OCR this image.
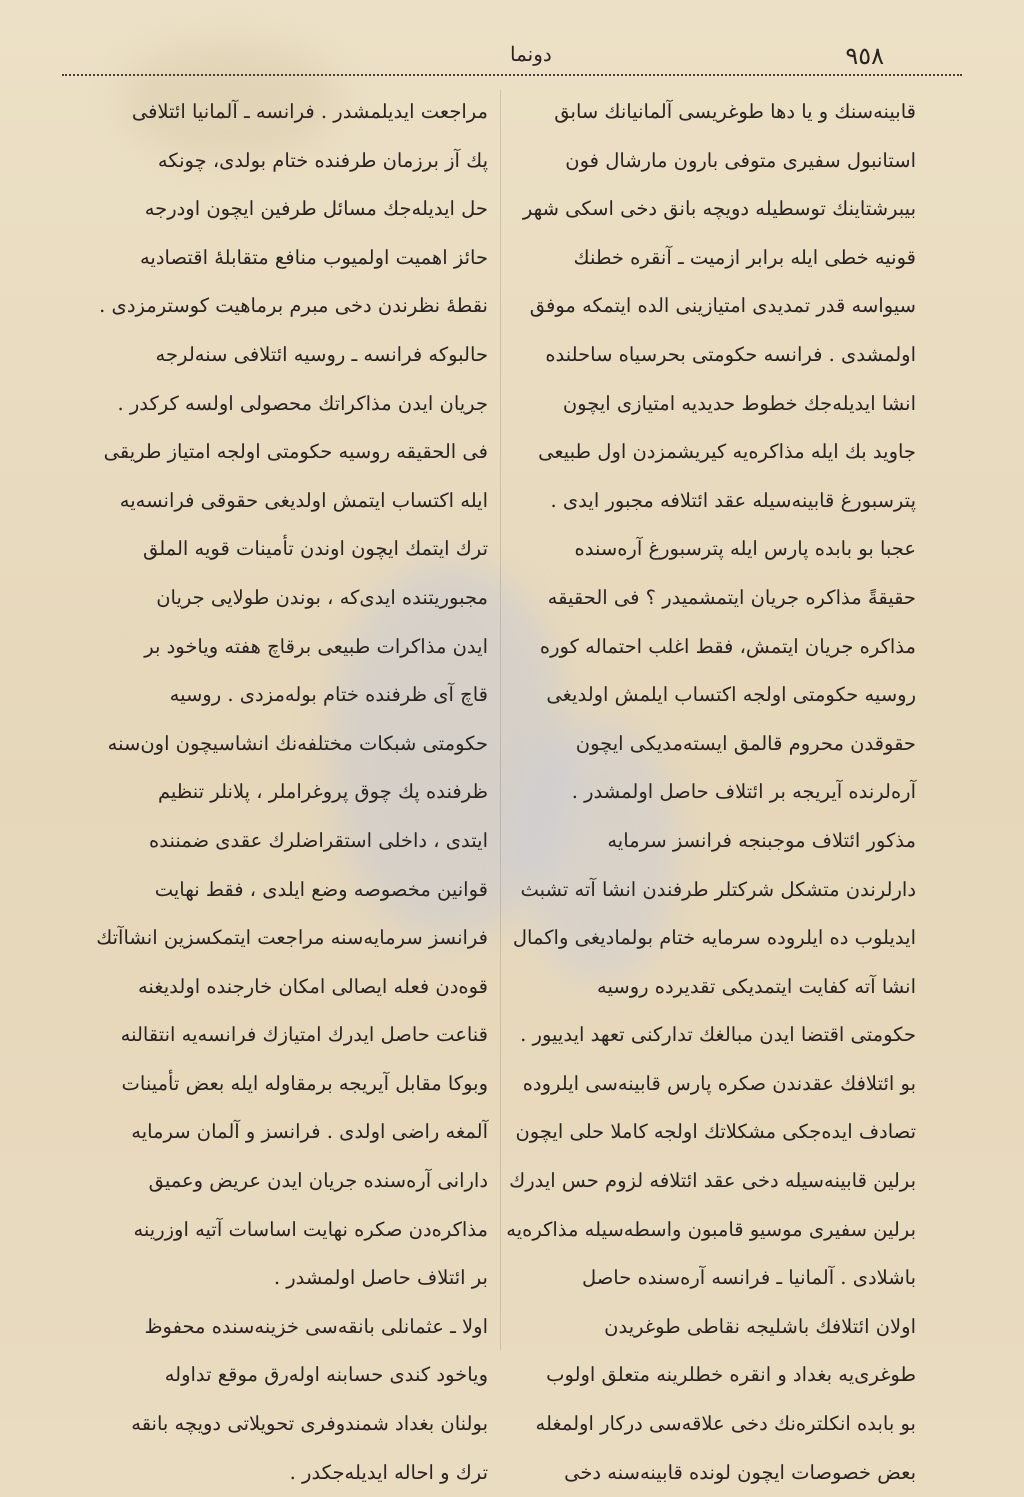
دونما	٩٥٨

قابینه‌سنك و یا دها طوغریسی آلمانیانك سابق

استانبول سفیری متوفی بارون مارشال فون

بیبرشتاینك توسطیله دویچه بانق دخی اسکی شهر

قونیه خطی ایله برابر ازمیت ـ آنقره خطنك

سیواسه قدر تمدیدی امتیازینی الده ایتمكه موفق

اولمشدی . فرانسه حکومتی بحرسیاه ساحلنده

انشا ایدیله‌جك خطوط حدیدیه امتیازی ایچون

جاوید بك ایله مذاکره‌یه کیریشمزدن اول طبیعی

پترسبورغ قابینه‌سیله عقد ائتلافه مجبور ایدی .

عجبا بو بابده پارس ایله پترسبورغ آره‌سنده

حقیقةً مذاکره جریان ایتمشمیدر ؟ فی الحقیقه

مذاکره جریان ایتمش، فقط اغلب احتماله کوره

روسیه حکومتی اولجه اکتساب ایلمش اولدیغی

حقوقدن محروم قالمق ایسته‌مدیکی ایچون

آره‌لرنده آیریجه بر ائتلاف حاصل اولمشدر .

مذکور ائتلاف موجبنجه فرانسز سرمایه‌

دارلرندن متشکل شرکتلر طرفندن انشا آته تشبث

ایدیلوب ده ایلروده سرمایه ختام بولمادیغی واکمال

انشا آته کفایت ایتمدیکی تقدیرده روسیه

حکومتی اقتضا ایدن مبالغك تدارکنی تعهد ایدییور .

بو ائتلافك عقدندن صکره پارس قابینه‌سی ایلروده

تصادف ایده‌جکی مشکلاتك اولجه کاملا حلی ایچون

برلین قابینه‌سیله دخی عقد ائتلافه لزوم حس ایدرك

برلین سفیری موسیو قامبون واسطه‌سیله مذاکره‌یه

باشلادی . آلمانیا ـ فرانسه آره‌سنده حاصل

اولان ائتلافك باشلیجه نقاطی طوغریدن

طوغری‌یه بغداد و انقره خطلرینه متعلق اولوب

بو بابده انکلتره‌نك دخی علاقه‌سی درکار اولمغله

بعض خصوصات ایچون لونده قابینه‌سنه دخی

مراجعت ایدیلمشدر . فرانسه ـ آلمانیا ائتلافی

پك آز برزمان طرفنده ختام بولدی، چونکه

حل ایدیله‌جك مسائل طرفین ایچون اودرجه

حائز اهمیت اولمیوب منافع متقابلهٔ اقتصادیه

نقطهٔ نظرندن دخی مبرم برماهیت کوسترمزدی .

حالبوکه فرانسه ـ روسیه ائتلافی سنه‌لرجه

جریان ایدن مذاکراتك محصولی اولسه کرکدر .

فی الحقیقه روسیه حکومتی اولجه امتیاز طریقی

ایله اکتساب ایتمش اولدیغی حقوقی فرانسه‌یه

ترك ایتمك ایچون اوندن تأمینات قویه الملق

مجبوریتنده ایدی‌که ، بوندن طولایی جریان

ایدن مذاکرات طبیعی برقاچ هفته ویاخود بر

قاچ آی ظرفنده ختام بوله‌مزدی . روسیه

حکومتی شبکات مختلفه‌نك انشاسیچون اون‌سنه

ظرفنده پك چوق پروغراملر ، پلانلر تنظیم

ایتدی ، داخلی استقراضلرك عقدی ضمننده

قوانین مخصوصه وضع ایلدی ، فقط نهایت

فرانسز سرمایه‌سنه مراجعت ایتمکسزین انشاآتك

قوه‌دن فعله ایصالی امکان خارجنده اولدیغنه

قناعت حاصل ایدرك امتیازك فرانسه‌یه انتقالنه

وبوکا مقابل آیریجه برمقاوله ایله بعض تأمینات

آلمغه راضی اولدی . فرانسز و آلمان سرمایه‌

دارانی آره‌سنده جریان ایدن عریض وعمیق

مذاکره‌دن صکره نهایت اساسات آتیه اوزرینه

بر ائتلاف حاصل اولمشدر .

اولا ـ عثمانلی بانقه‌سی خزینه‌سنده محفوظ

ویاخود کندی حسابنه اوله‌رق موقع تداوله

بولنان بغداد شمندوفری تحویلاتی دویچه بانقه

ترك و احاله ایدیله‌جکدر .
